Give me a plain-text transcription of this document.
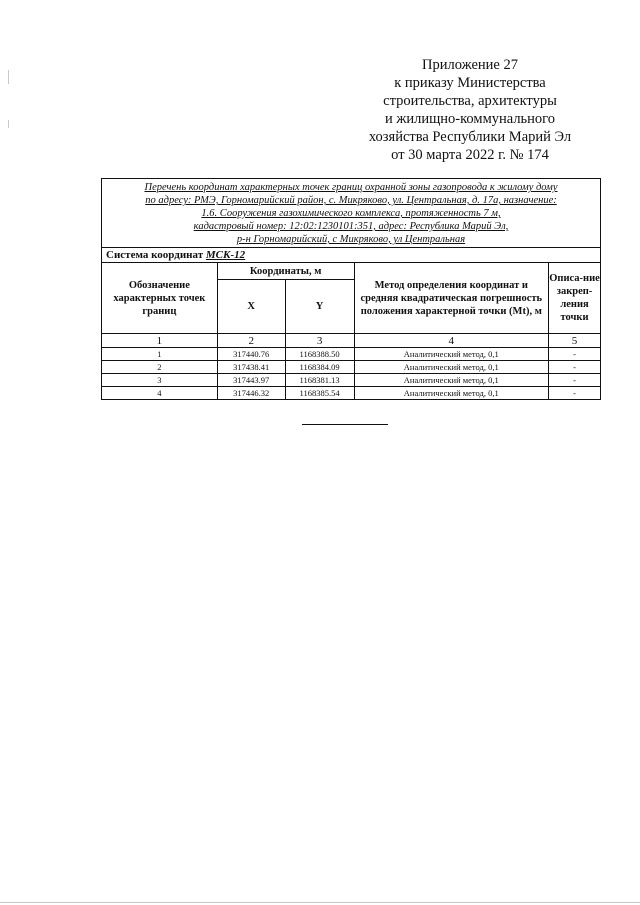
Приложение 27
к приказу Министерства
строительства, архитектуры
и жилищно-коммунального
хозяйства Республики Марий Эл
от 30 марта 2022 г. № 174
Перечень координат характерных точек границ охранной зоны газопровода к жилому дому
по адресу: РМЭ, Горномарийский район, с. Микряково, ул. Центральная, д. 17а, назначение:
1.6. Сооружения газохимического комплекса, протяженность 7 м,
кадастровый номер: 12:02:1230101:351, адрес: Республика Марий Эл,
р-н Горномарийский, с Микряково, ул Центральная				

Система координат МСК-12				
Обозначение характерных точек границ	Координаты, м		Метод определения координат и средняя квадратическая погрешность положения характерной точки (Mt), м	Описа-ние закреп-ления точки
	X	Y		
1	2	3	4	5
1	317440.76	1168388.50	Аналитический метод, 0,1	-
2	317438.41	1168384.09	Аналитический метод, 0,1	-
3	317443.97	1168381.13	Аналитический метод, 0,1	-
4	317446.32	1168385.54	Аналитический метод, 0,1	-
